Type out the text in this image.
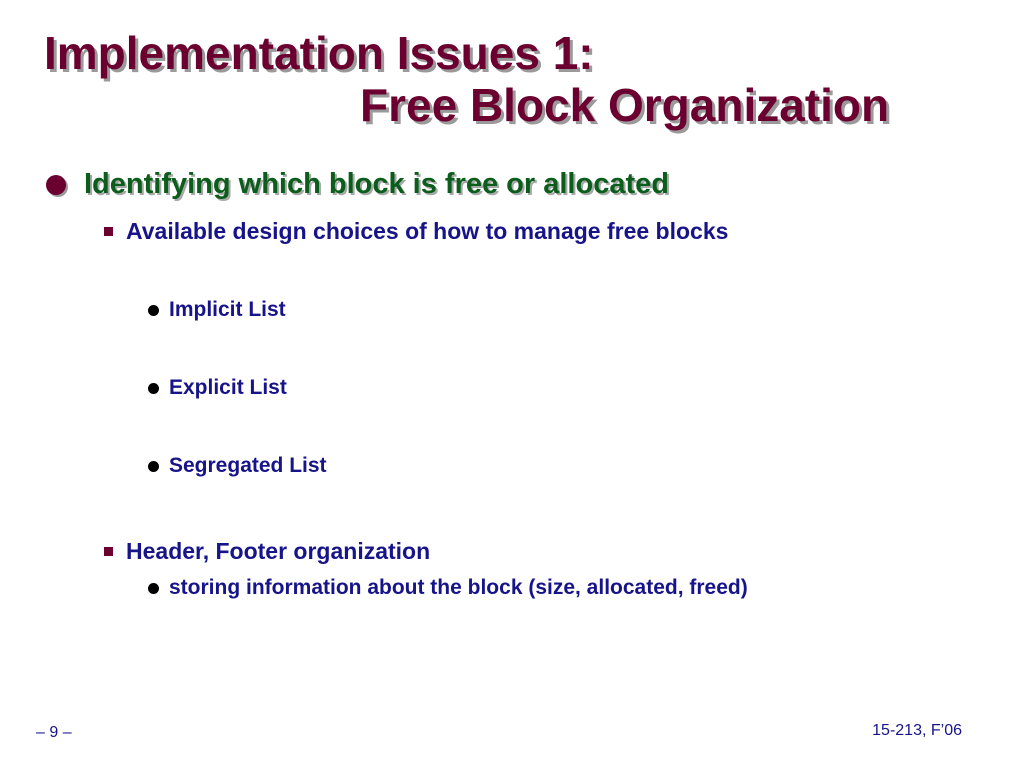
Implementation Issues 1:
Free Block Organization
Identifying which block is free or allocated
Available design choices of how to manage free blocks
Implicit List
Explicit List
Segregated List
Header, Footer organization
storing information about the block (size, allocated, freed)
– 9 –	15-213, F’06
